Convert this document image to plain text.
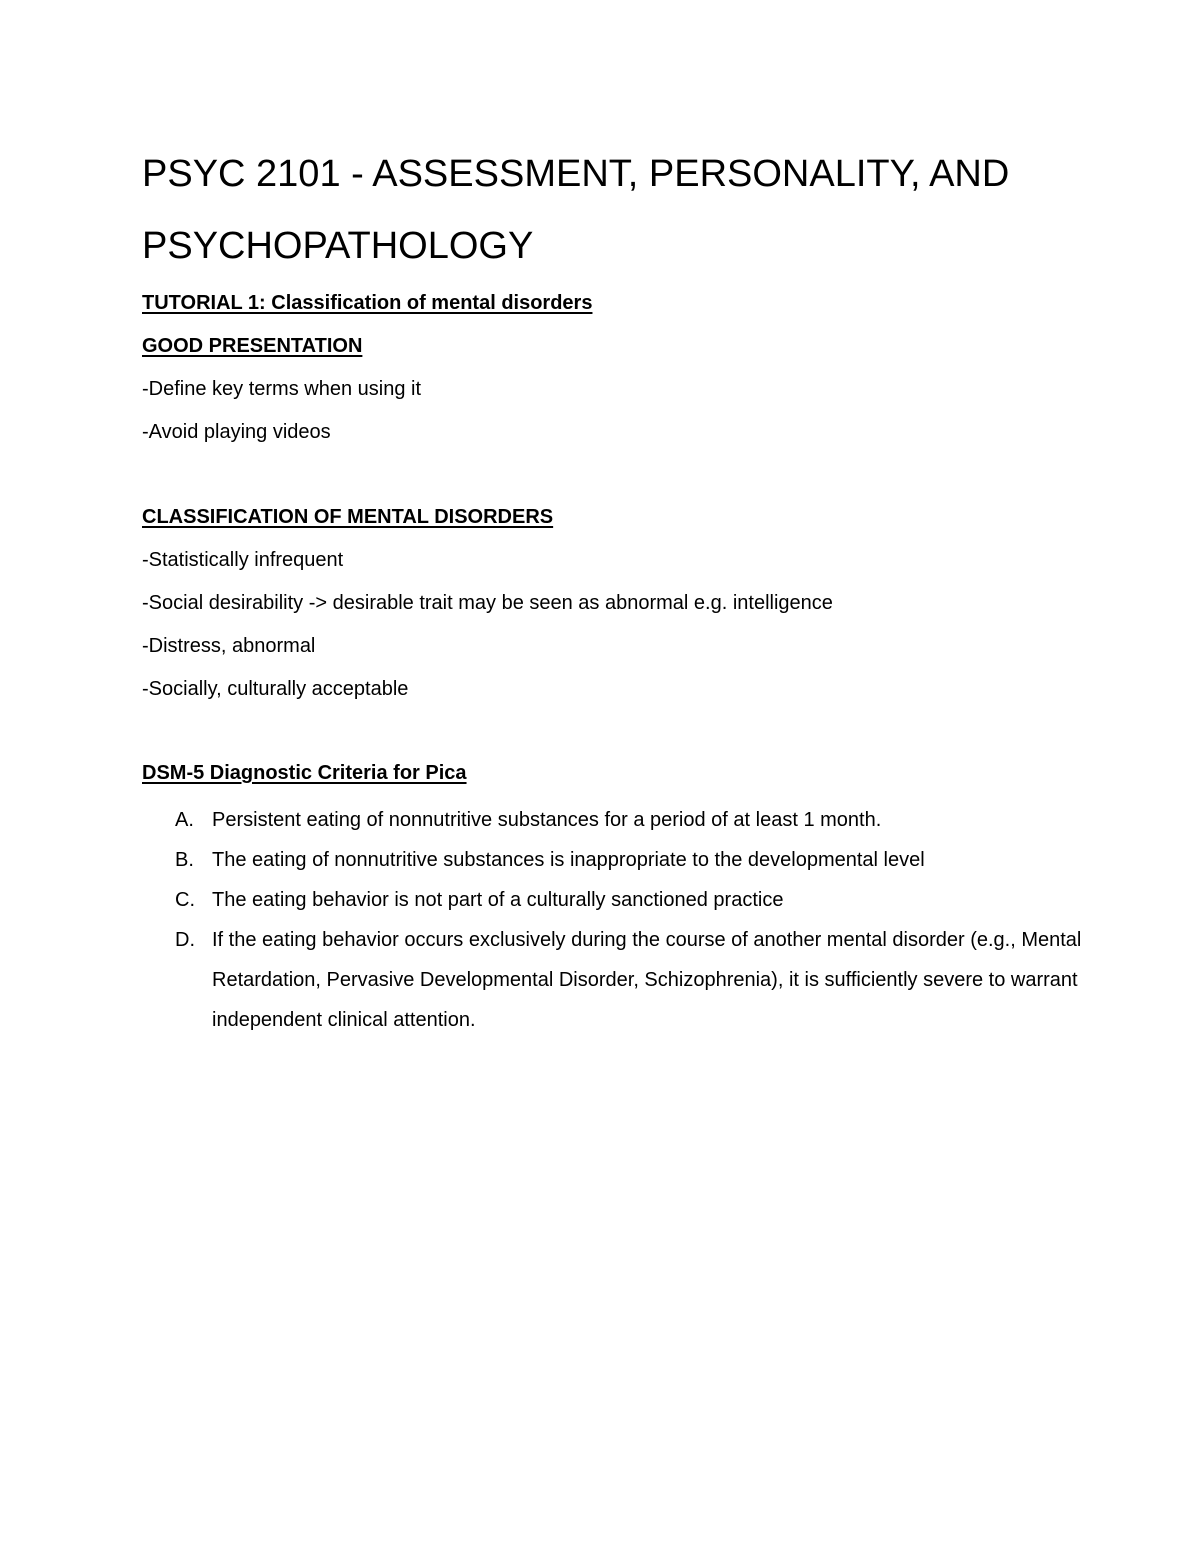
PSYC 2101 - ASSESSMENT, PERSONALITY, AND PSYCHOPATHOLOGY
TUTORIAL 1: Classification of mental disorders
GOOD PRESENTATION
-Define key terms when using it
-Avoid playing videos
CLASSIFICATION OF MENTAL DISORDERS
-Statistically infrequent
-Social desirability -> desirable trait may be seen as abnormal e.g. intelligence
-Distress, abnormal
-Socially, culturally acceptable
DSM-5 Diagnostic Criteria for Pica
A. Persistent eating of nonnutritive substances for a period of at least 1 month.
B. The eating of nonnutritive substances is inappropriate to the developmental level
C. The eating behavior is not part of a culturally sanctioned practice
D. If the eating behavior occurs exclusively during the course of another mental disorder (e.g., Mental Retardation, Pervasive Developmental Disorder, Schizophrenia), it is sufficiently severe to warrant independent clinical attention.
